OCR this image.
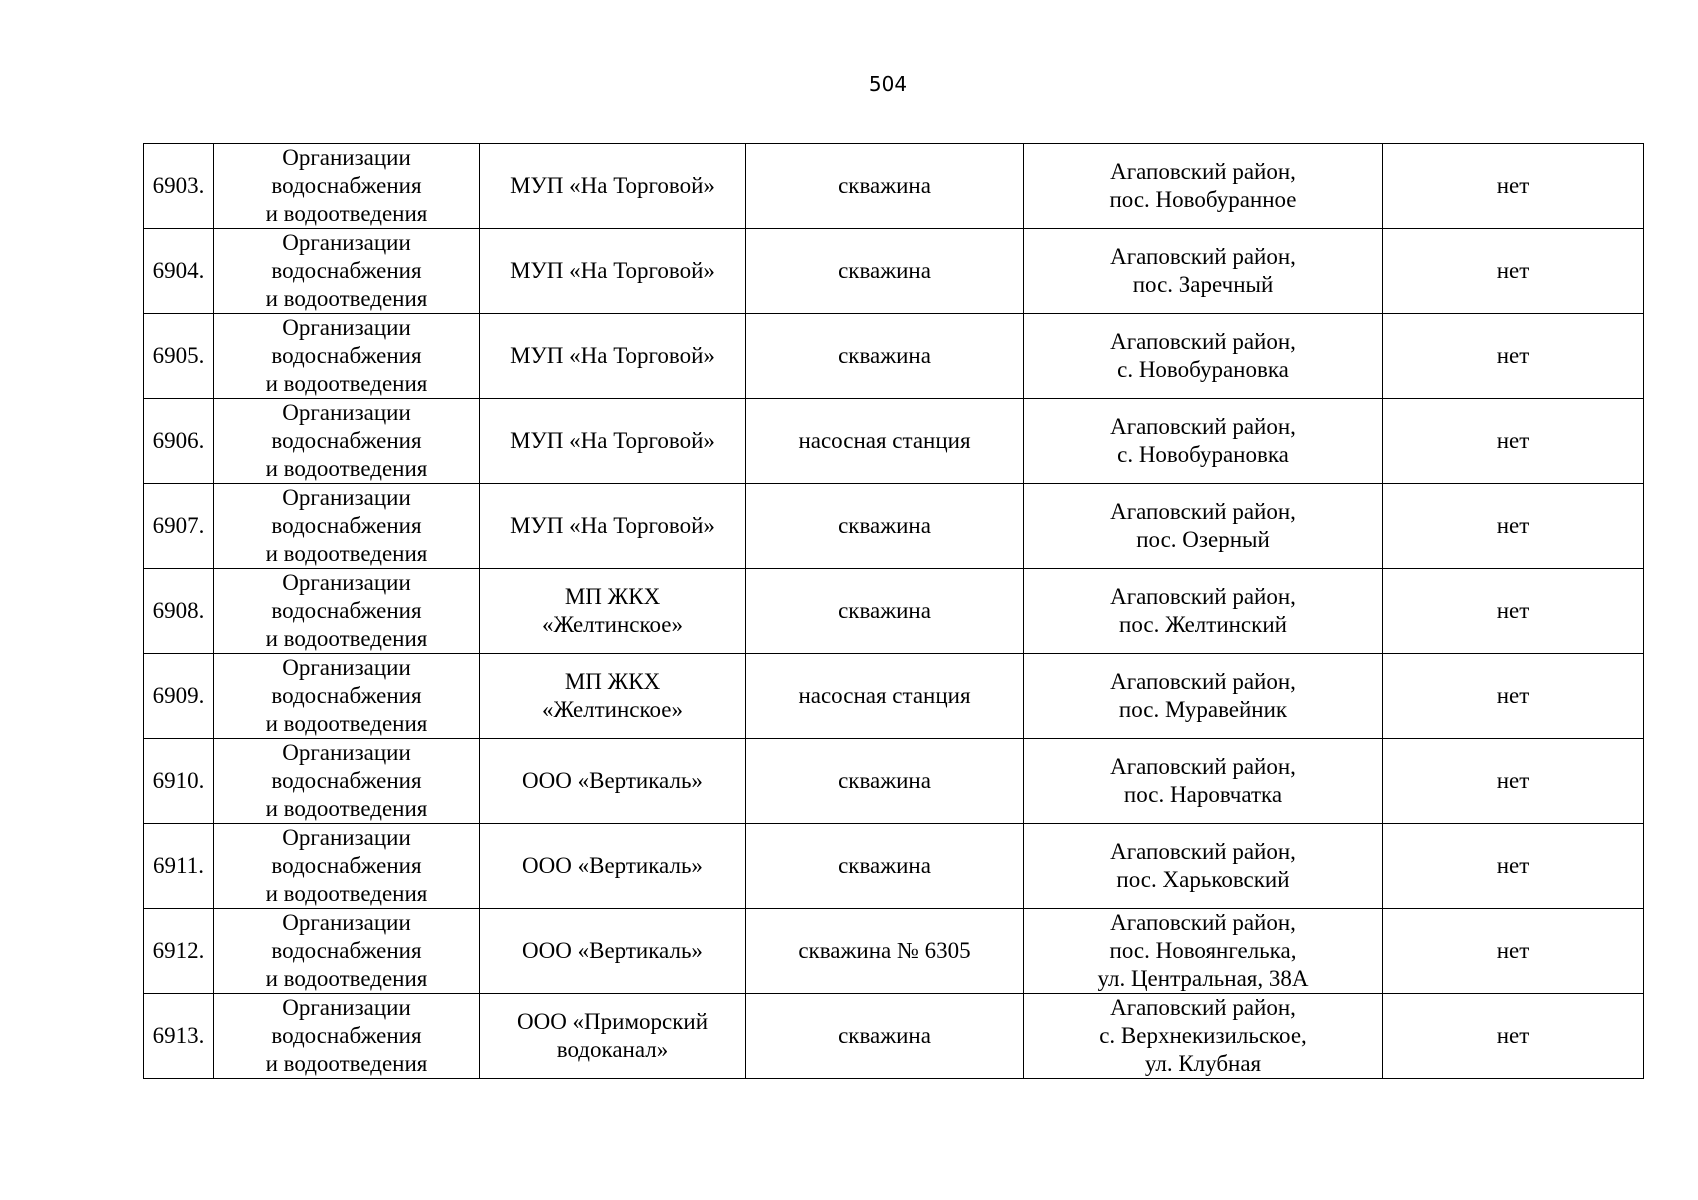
504
6903.	Организации
водоснабжения
и водоотведения	МУП «На Торговой»	скважина	Агаповский район,
пос. Новобуранное	нет
6904.	Организации
водоснабжения
и водоотведения	МУП «На Торговой»	скважина	Агаповский район,
пос. Заречный	нет
6905.	Организации
водоснабжения
и водоотведения	МУП «На Торговой»	скважина	Агаповский район,
с. Новобурановка	нет
6906.	Организации
водоснабжения
и водоотведения	МУП «На Торговой»	насосная станция	Агаповский район,
с. Новобурановка	нет
6907.	Организации
водоснабжения
и водоотведения	МУП «На Торговой»	скважина	Агаповский район,
пос. Озерный	нет
6908.	Организации
водоснабжения
и водоотведения	МП ЖКХ
«Желтинское»	скважина	Агаповский район,
пос. Желтинский	нет
6909.	Организации
водоснабжения
и водоотведения	МП ЖКХ
«Желтинское»	насосная станция	Агаповский район,
пос. Муравейник	нет
6910.	Организации
водоснабжения
и водоотведения	ООО «Вертикаль»	скважина	Агаповский район,
пос. Наровчатка	нет
6911.	Организации
водоснабжения
и водоотведения	ООО «Вертикаль»	скважина	Агаповский район,
пос. Харьковский	нет
6912.	Организации
водоснабжения
и водоотведения	ООО «Вертикаль»	скважина № 6305	Агаповский район,
пос. Новоянгелька,
ул. Центральная, 38А	нет
6913.	Организации
водоснабжения
и водоотведения	ООО «Приморский
водоканал»	скважина	Агаповский район,
с. Верхнекизильское,
ул. Клубная	нет
